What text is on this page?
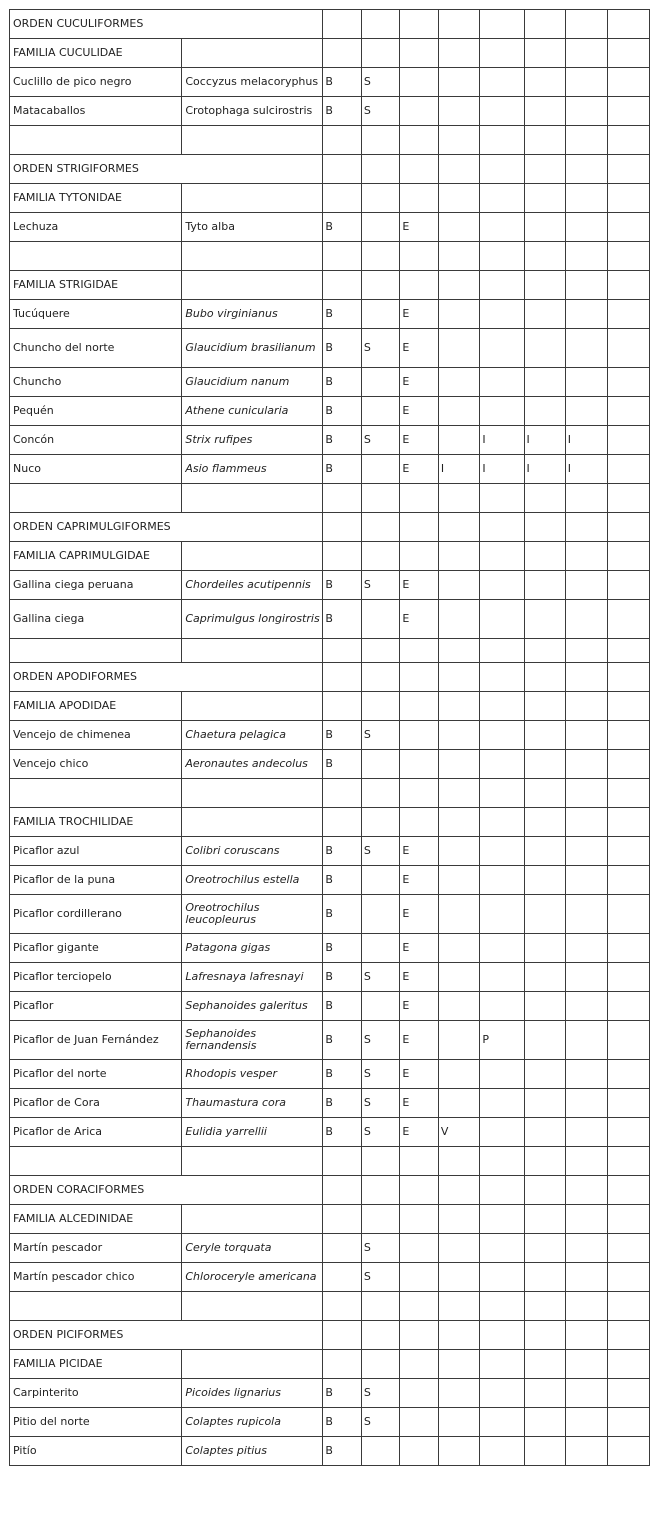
ORDEN CUCULIFORMES									
FAMILIA CUCULIDAE									
Cuclillo de pico negro	Coccyzus melacoryphus	B	S						
Matacaballos	Crotophaga sulcirostris	B	S						

ORDEN STRIGIFORMES									
FAMILIA TYTONIDAE									
Lechuza	Tyto alba	B		E					

FAMILIA STRIGIDAE									
Tucúquere	Bubo virginianus	B		E					
Chuncho del norte	Glaucidium brasilianum	B	S	E					
Chuncho	Glaucidium nanum	B		E					
Pequén	Athene cunicularia	B		E					
Concón	Strix rufipes	B	S	E		I	I	I	
Nuco	Asio flammeus	B		E	I	I	I	I	

ORDEN CAPRIMULGIFORMES									
FAMILIA CAPRIMULGIDAE									
Gallina ciega peruana	Chordeiles acutipennis	B	S	E					
Gallina ciega	Caprimulgus longirostris	B		E					

ORDEN APODIFORMES									
FAMILIA APODIDAE									
Vencejo de chimenea	Chaetura pelagica	B	S						
Vencejo chico	Aeronautes andecolus	B							

FAMILIA TROCHILIDAE									
Picaflor azul	Colibri coruscans	B	S	E					
Picaflor de la puna	Oreotrochilus estella	B		E					
Picaflor cordillerano	Oreotrochilus leucopleurus	B		E					
Picaflor gigante	Patagona gigas	B		E					
Picaflor terciopelo	Lafresnaya lafresnayi	B	S	E					
Picaflor	Sephanoides galeritus	B		E					
Picaflor de Juan Fernández	Sephanoides fernandensis	B	S	E		P			
Picaflor del norte	Rhodopis vesper	B	S	E					
Picaflor de Cora	Thaumastura cora	B	S	E					
Picaflor de Arica	Eulidia yarrellii	B	S	E	V				

ORDEN CORACIFORMES									
FAMILIA ALCEDINIDAE									
Martín pescador	Ceryle torquata		S						
Martín pescador chico	Chloroceryle americana		S						

ORDEN PICIFORMES									
FAMILIA PICIDAE									
Carpinterito	Picoides lignarius	B	S						
Pitio del norte	Colaptes rupicola	B	S						
Pitío	Colaptes pitius	B							
